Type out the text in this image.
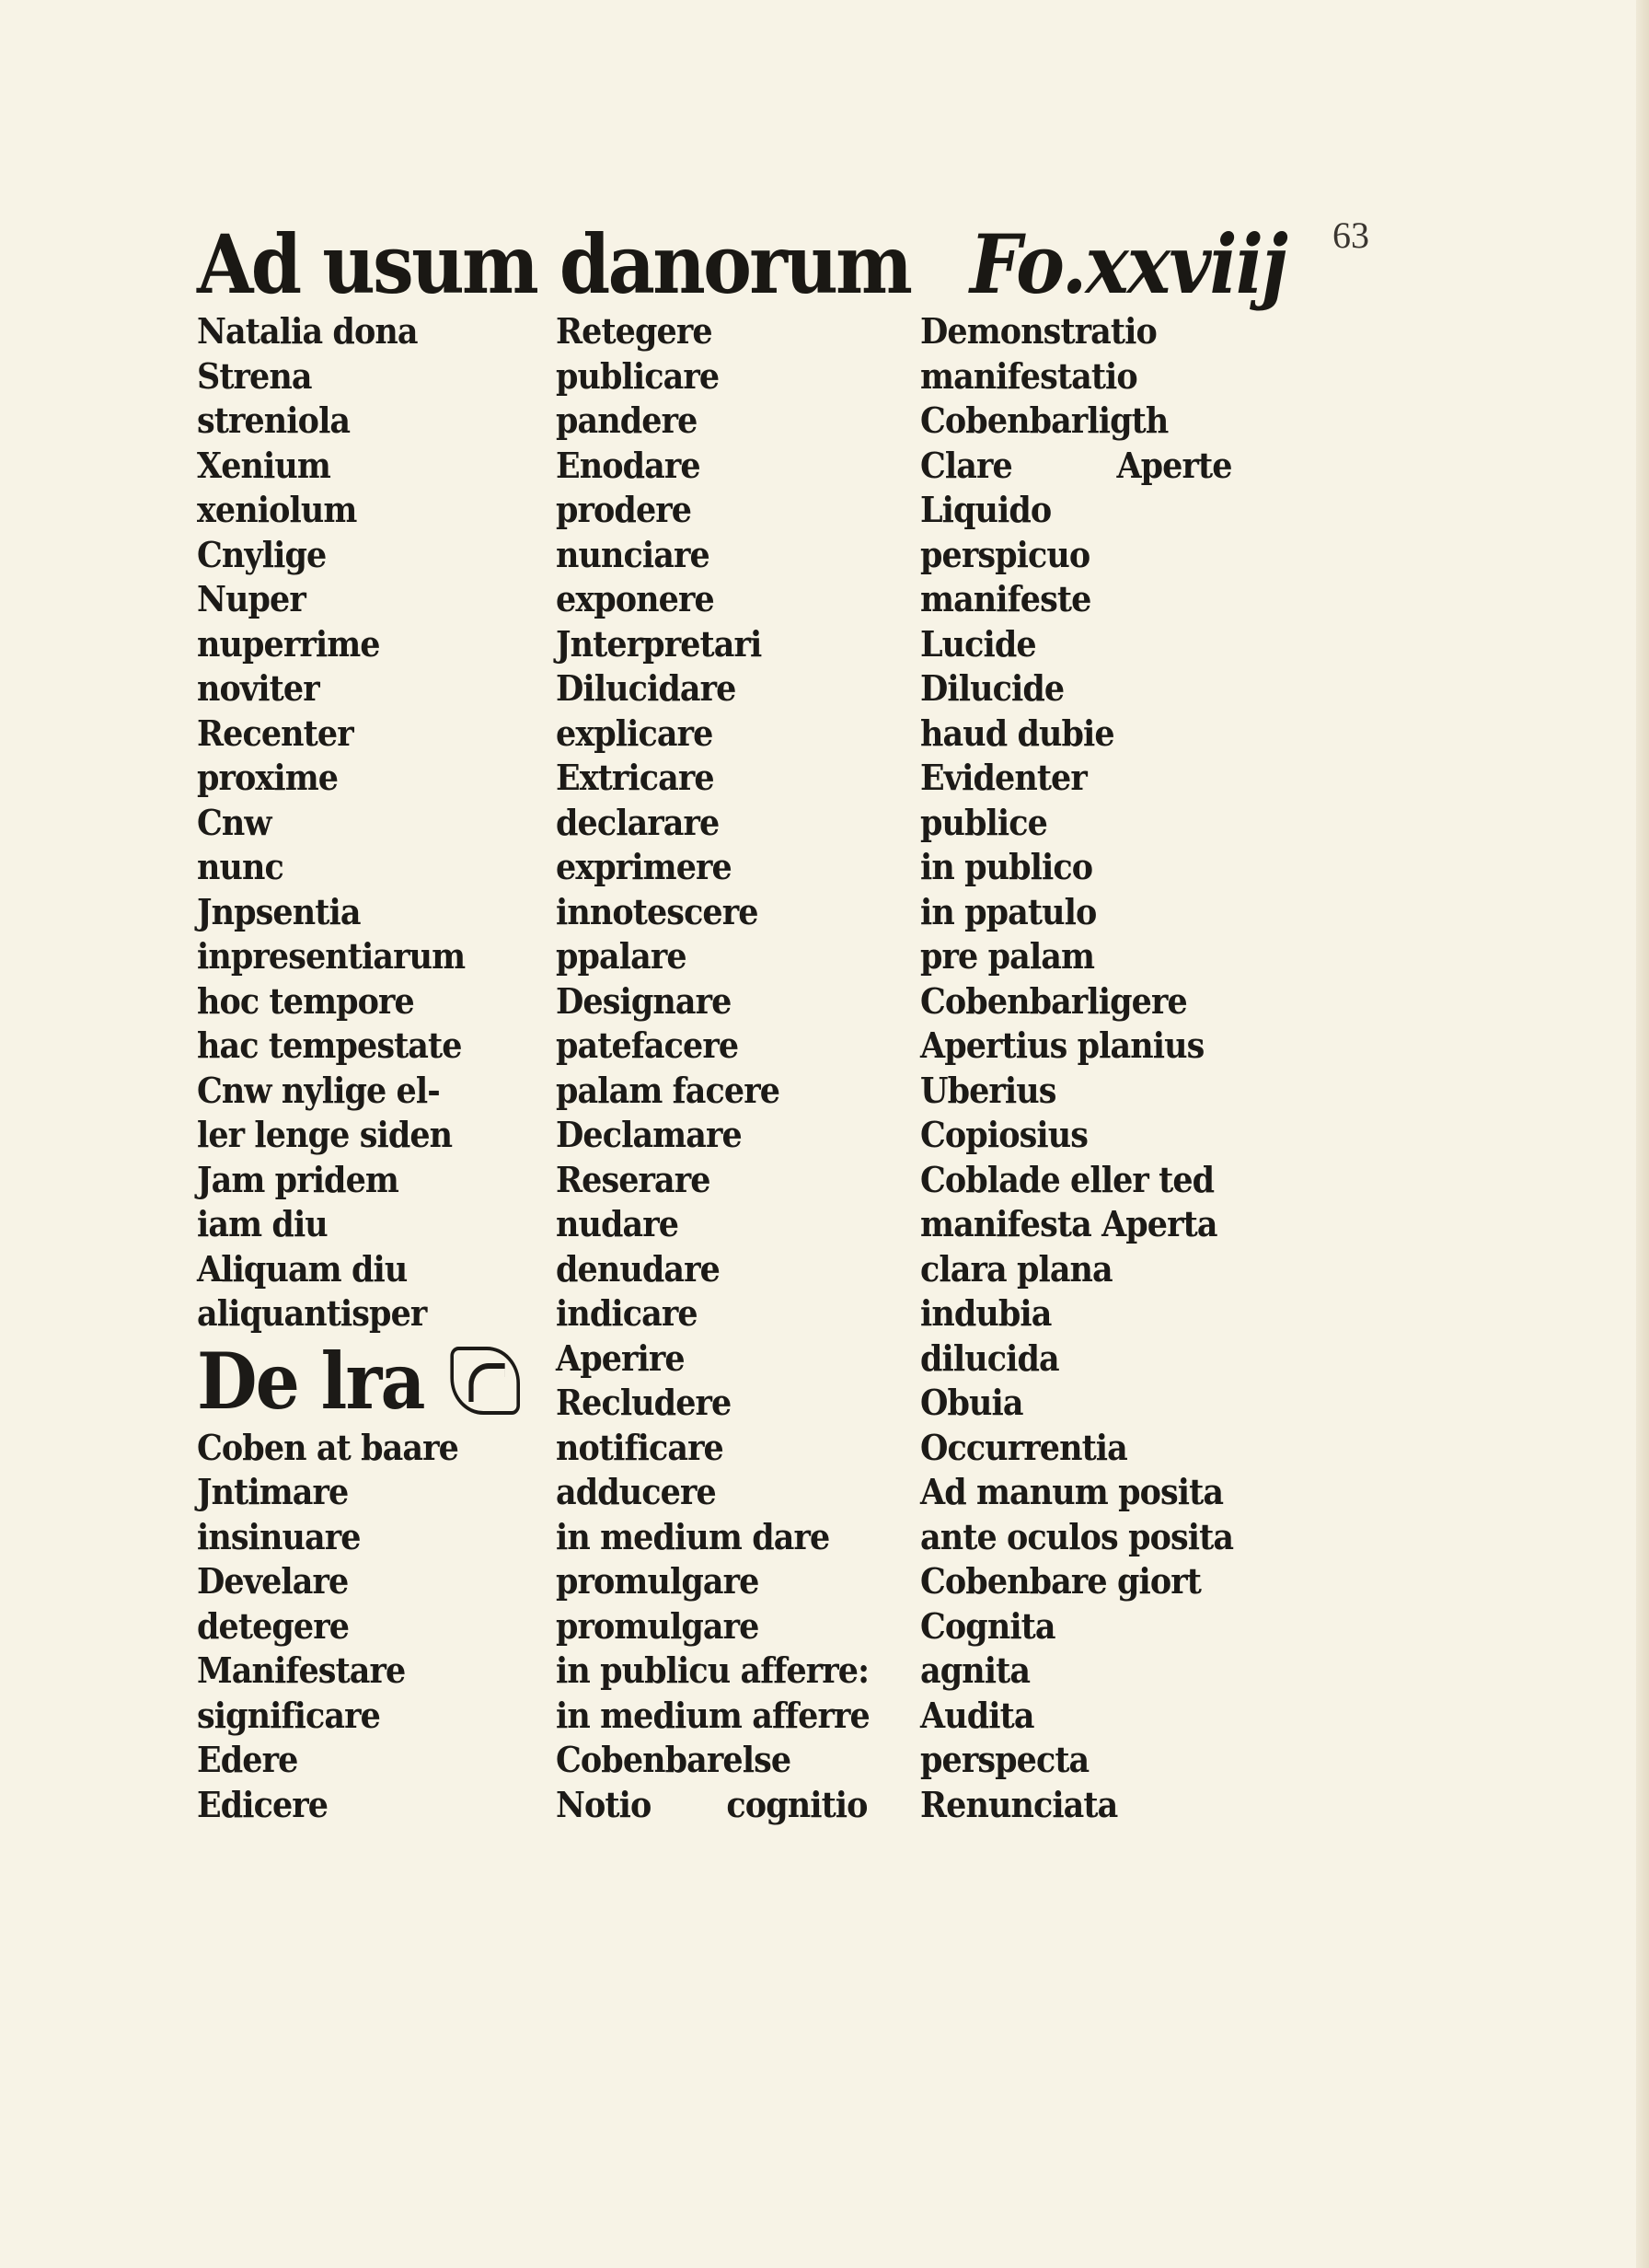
63
Ad usum danorum Fo.xxviij
Natalia dona
Strena
streniola
Xenium
xeniolum
Cnylige
Nuper
nuperrime
noviter
Recenter
proxime
Cnw
nunc
Jnpsentia
inpresentiarum
hoc tempore
hac tempestate
Cnw nylige el-
ler lenge siden
Jam pridem
iam diu
Aliquam diu
aliquantisper
De lra
Coben at baare
Jntimare
insinuare
Develare
detegere
Manifestare
significare
Edere
Edicere
Retegere
publicare
pandere
Enodare
prodere
nunciare
exponere
Jnterpretari
Dilucidare
explicare
Extricare
declarare
exprimere
innotescere
ppalare
Designare
patefacere
palam facere
Declamare
Reserare
nudare
denudare
indicare
Aperire
Recludere
notificare
adducere
in medium dare
promulgare
promulgare
in publicu afferre:
in medium afferre
Cobenbarelse
Notio cognitio
Demonstratio
manifestatio
Cobenbarligth
Clare	Aperte
Liquido
perspicuo
manifeste
Lucide
Dilucide
haud dubie
Evidenter
publice
in publico
in ppatulo
pre palam
Cobenbarligere
Apertius planius
Uberius
Copiosius
Coblade eller ted
manifesta Aperta
clara plana
indubia
dilucida
Obuia
Occurrentia
Ad manum posita
ante oculos posita
Cobenbare giort
Cognita
agnita
Audita
perspecta
Renunciata
